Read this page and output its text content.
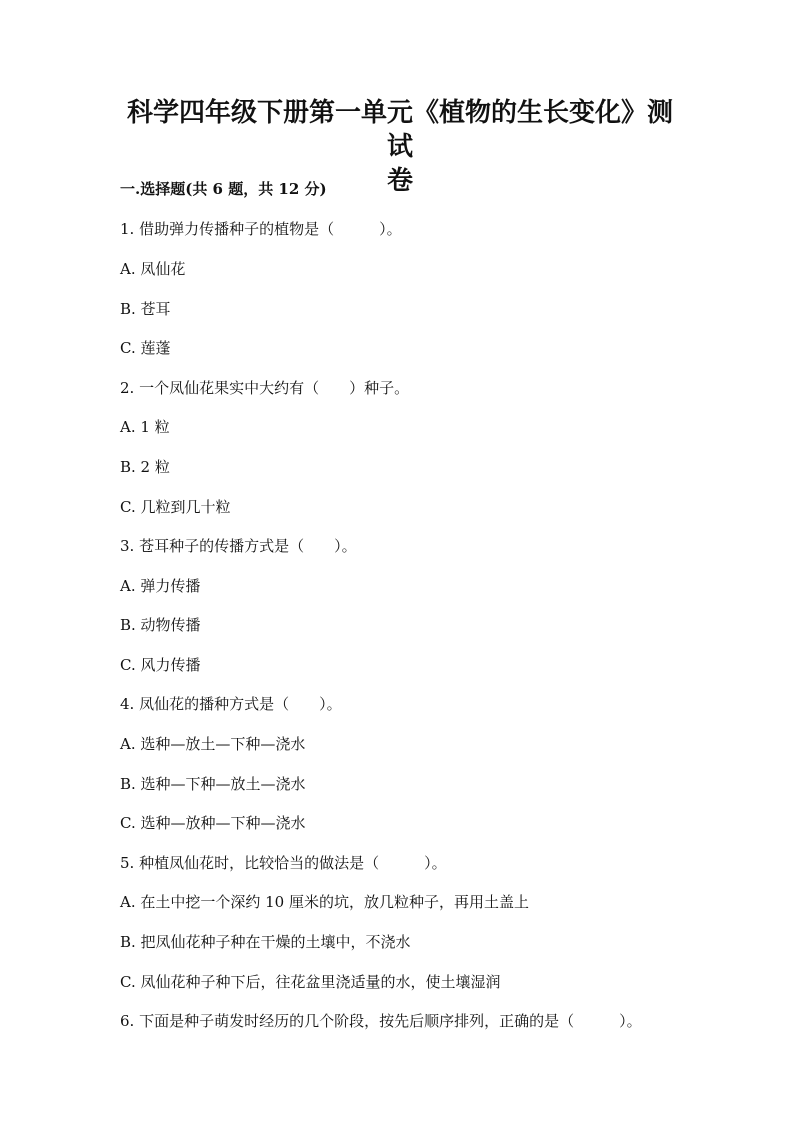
科学四年级下册第一单元《植物的生长变化》测试
卷
一.选择题(共 6 题，共 12 分)
1. 借助弹力传播种子的植物是（　　　）。
A. 凤仙花
B. 苍耳
C. 莲蓬
2. 一个凤仙花果实中大约有（　　）种子。
A. 1 粒
B. 2 粒
C. 几粒到几十粒
3. 苍耳种子的传播方式是（　　）。
A. 弹力传播
B. 动物传播
C. 风力传播
4. 凤仙花的播种方式是（　　）。
A. 选种—放土—下种—浇水
B. 选种—下种—放土—浇水
C. 选种—放种—下种—浇水
5. 种植凤仙花时，比较恰当的做法是（　　　）。
A. 在土中挖一个深约 10 厘米的坑，放几粒种子，再用土盖上
B. 把凤仙花种子种在干燥的土壤中，不浇水
C. 凤仙花种子种下后，往花盆里浇适量的水，使土壤湿润
6. 下面是种子萌发时经历的几个阶段，按先后顺序排列，正确的是（　　　）。
